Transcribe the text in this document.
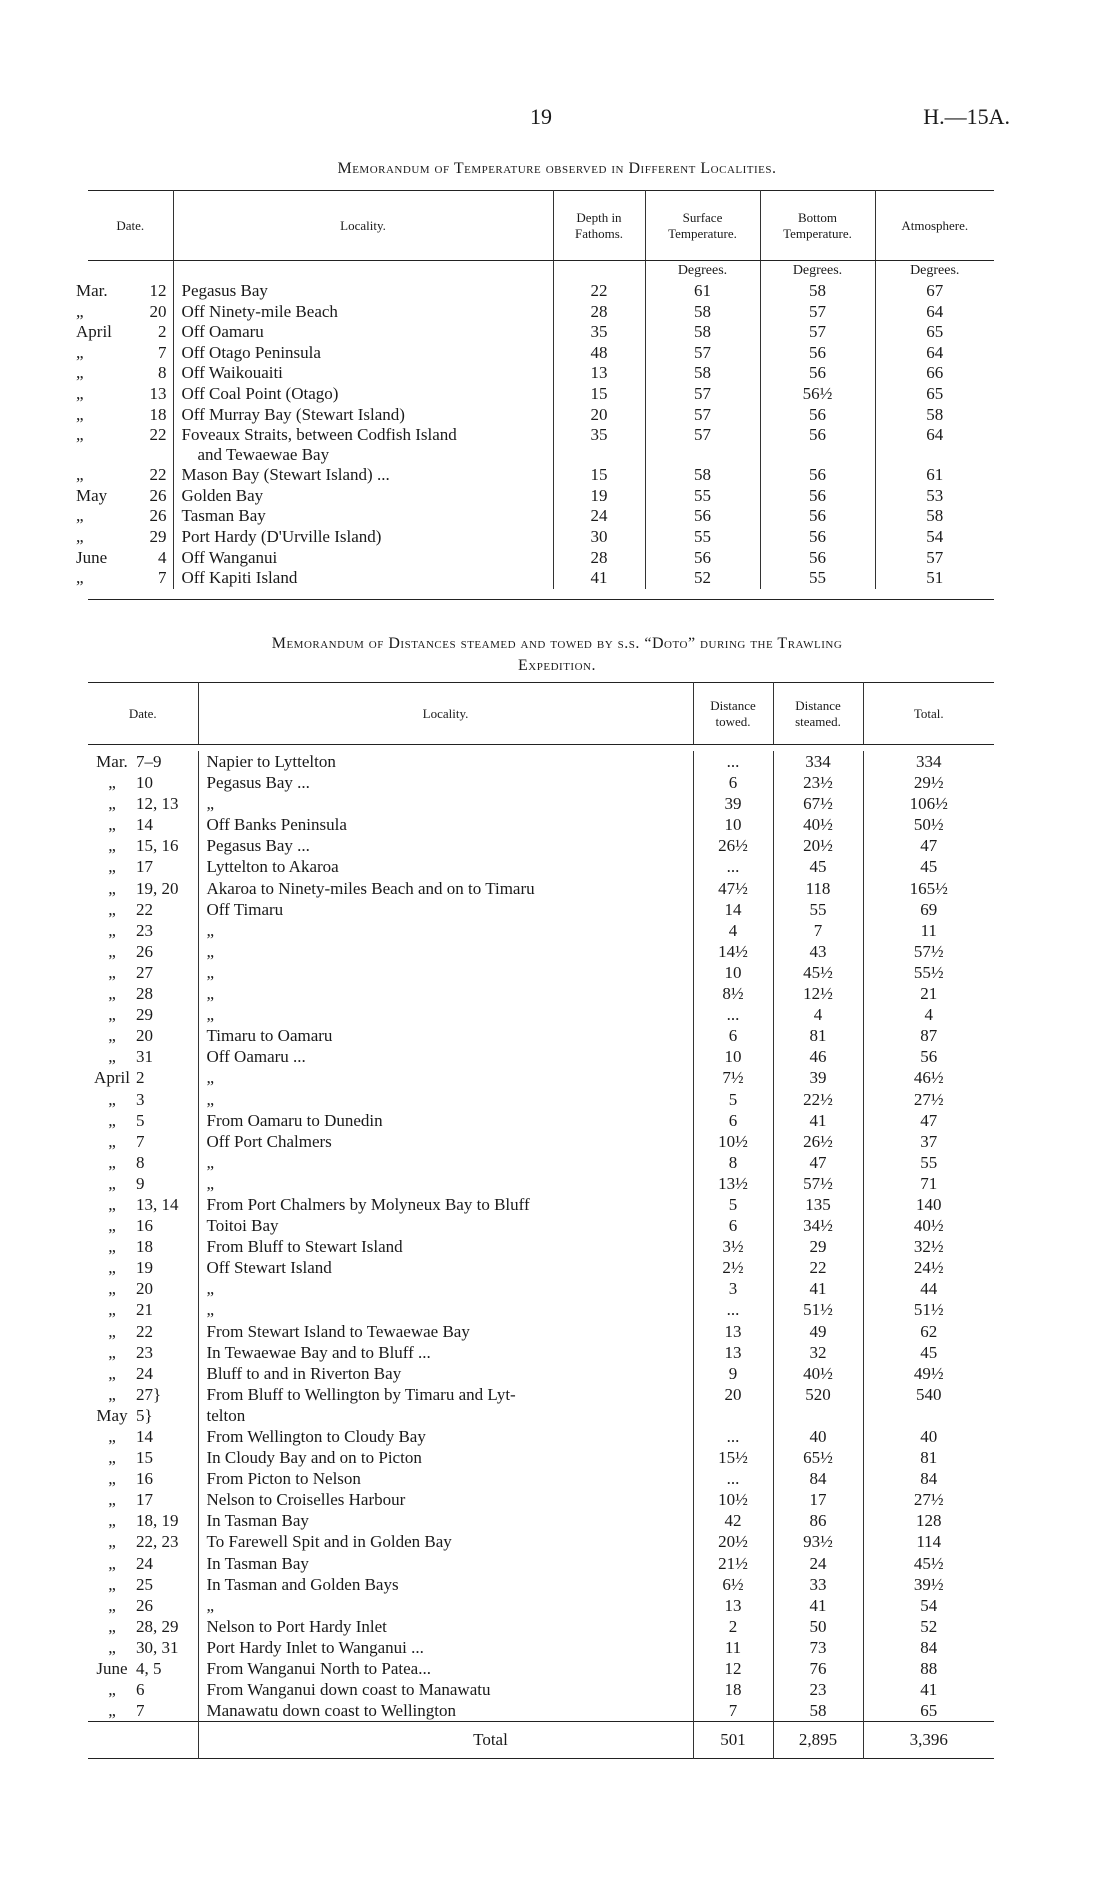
19	H.—15A.
Memorandum of Temperature observed in Different Localities.
Date.	Locality.	Depth in Fathoms.	Surface Temperature.	Bottom Temperature.	Atmosphere.
			Degrees.	Degrees.	Degrees.

Mar. 12	Pegasus Bay	22	61	58	67

„ 20	Off Ninety-mile Beach	28	58	57	64

April 2	Off Oamaru	35	58	57	65

„ 7	Off Otago Peninsula	48	57	56	64

„ 8	Off Waikouaiti	13	58	56	66

„ 13	Off Coal Point (Otago)	15	57	56½	65

„ 18	Off Murray Bay (Stewart Island)	20	57	56	58

„ 22	Foveaux Straits, between Codfish Island
and Tewaewae Bay	35	57	56	64

„ 22	Mason Bay (Stewart Island) ...	15	58	56	61

May 26	Golden Bay	19	55	56	53

„ 26	Tasman Bay	24	56	56	58

„ 29	Port Hardy (D'Urville Island)	30	55	56	54

June 4	Off Wanganui	28	56	56	57

„ 7	Off Kapiti Island	41	52	55	51

Memorandum of Distances steamed and towed by s.s. “Doto” during the Trawling
Expedition.
Date.		Locality.	Distance towed.	Distance steamed.	Total.

Mar.	7–9	Napier to Lyttelton	...	334	334
„	10	Pegasus Bay ...	6	23½	29½
„	12, 13	„	39	67½	106½
„	14	Off Banks Peninsula	10	40½	50½
„	15, 16	Pegasus Bay ...	26½	20½	47
„	17	Lyttelton to Akaroa	...	45	45
„	19, 20	Akaroa to Ninety-miles Beach and on to Timaru	47½	118	165½
„	22	Off Timaru	14	55	69
„	23	„	4	7	11
„	26	„	14½	43	57½
„	27	„	10	45½	55½
„	28	„	8½	12½	21
„	29	„	...	4	4
„	20	Timaru to Oamaru	6	81	87
„	31	Off Oamaru ...	10	46	56
April	2	„	7½	39	46½
„	3	„	5	22½	27½
„	5	From Oamaru to Dunedin	6	41	47
„	7	Off Port Chalmers	10½	26½	37
„	8	„	8	47	55
„	9	„	13½	57½	71
„	13, 14	From Port Chalmers by Molyneux Bay to Bluff	5	135	140
„	16	Toitoi Bay	6	34½	40½
„	18	From Bluff to Stewart Island	3½	29	32½
„	19	Off Stewart Island	2½	22	24½
„	20	„	3	41	44
„	21	„	...	51½	51½
„	22	From Stewart Island to Tewaewae Bay	13	49	62
„	23	In Tewaewae Bay and to Bluff ...	13	32	45
„	24	Bluff to and in Riverton Bay	9	40½	49½
„	27}	From Bluff to Wellington by Timaru and Lyt-	20	520	540
May	5}	telton			
„	14	From Wellington to Cloudy Bay	...	40	40
„	15	In Cloudy Bay and on to Picton	15½	65½	81
„	16	From Picton to Nelson	...	84	84
„	17	Nelson to Croiselles Harbour	10½	17	27½
„	18, 19	In Tasman Bay	42	86	128
„	22, 23	To Farewell Spit and in Golden Bay	20½	93½	114
„	24	In Tasman Bay	21½	24	45½
„	25	In Tasman and Golden Bays	6½	33	39½
„	26	„	13	41	54
„	28, 29	Nelson to Port Hardy Inlet	2	50	52
„	30, 31	Port Hardy Inlet to Wanganui ...	11	73	84
June	4, 5	From Wanganui North to Patea...	12	76	88
„	6	From Wanganui down coast to Manawatu	18	23	41
„	7	Manawatu down coast to Wellington	7	58	65
		Total	501	2,895	3,396
